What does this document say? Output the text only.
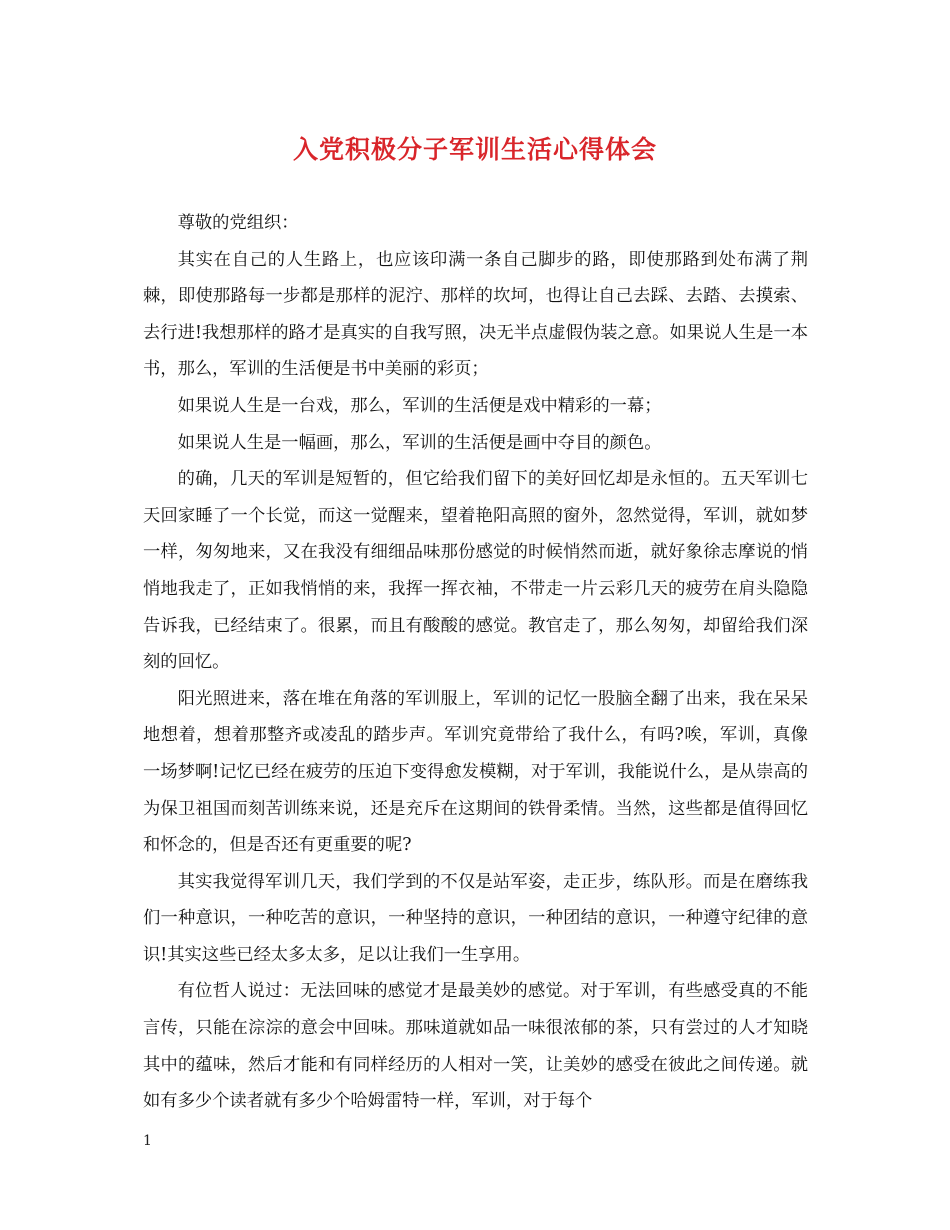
入党积极分子军训生活心得体会

尊敬的党组织：

其实在自己的人生路上，也应该印满一条自己脚步的路，即使那路到处布满了荆棘，即使那路每一步都是那样的泥泞、那样的坎坷，也得让自己去踩、去踏、去摸索、去行进!我想那样的路才是真实的自我写照，决无半点虚假伪装之意。如果说人生是一本书，那么，军训的生活便是书中美丽的彩页；

如果说人生是一台戏，那么，军训的生活便是戏中精彩的一幕；

如果说人生是一幅画，那么，军训的生活便是画中夺目的颜色。

的确，几天的军训是短暂的，但它给我们留下的美好回忆却是永恒的。五天军训七天回家睡了一个长觉，而这一觉醒来，望着艳阳高照的窗外，忽然觉得，军训，就如梦一样，匆匆地来，又在我没有细细品味那份感觉的时候悄然而逝，就好象徐志摩说的悄悄地我走了，正如我悄悄的来，我挥一挥衣袖，不带走一片云彩几天的疲劳在肩头隐隐告诉我，已经结束了。很累，而且有酸酸的感觉。教官走了，那么匆匆，却留给我们深刻的回忆。

阳光照进来，落在堆在角落的军训服上，军训的记忆一股脑全翻了出来，我在呆呆地想着，想着那整齐或凌乱的踏步声。军训究竟带给了我什么，有吗?唉，军训，真像一场梦啊!记忆已经在疲劳的压迫下变得愈发模糊，对于军训，我能说什么，是从崇高的为保卫祖国而刻苦训练来说，还是充斥在这期间的铁骨柔情。当然，这些都是值得回忆和怀念的，但是否还有更重要的呢?

其实我觉得军训几天，我们学到的不仅是站军姿，走正步，练队形。而是在磨练我们一种意识，一种吃苦的意识，一种坚持的意识，一种团结的意识，一种遵守纪律的意识!其实这些已经太多太多，足以让我们一生享用。

有位哲人说过：无法回味的感觉才是最美妙的感觉。对于军训，有些感受真的不能言传，只能在淙淙的意会中回味。那味道就如品一味很浓郁的茶，只有尝过的人才知晓其中的蕴味，然后才能和有同样经历的人相对一笑，让美妙的感受在彼此之间传递。就如有多少个读者就有多少个哈姆雷特一样，军训，对于每个

1
